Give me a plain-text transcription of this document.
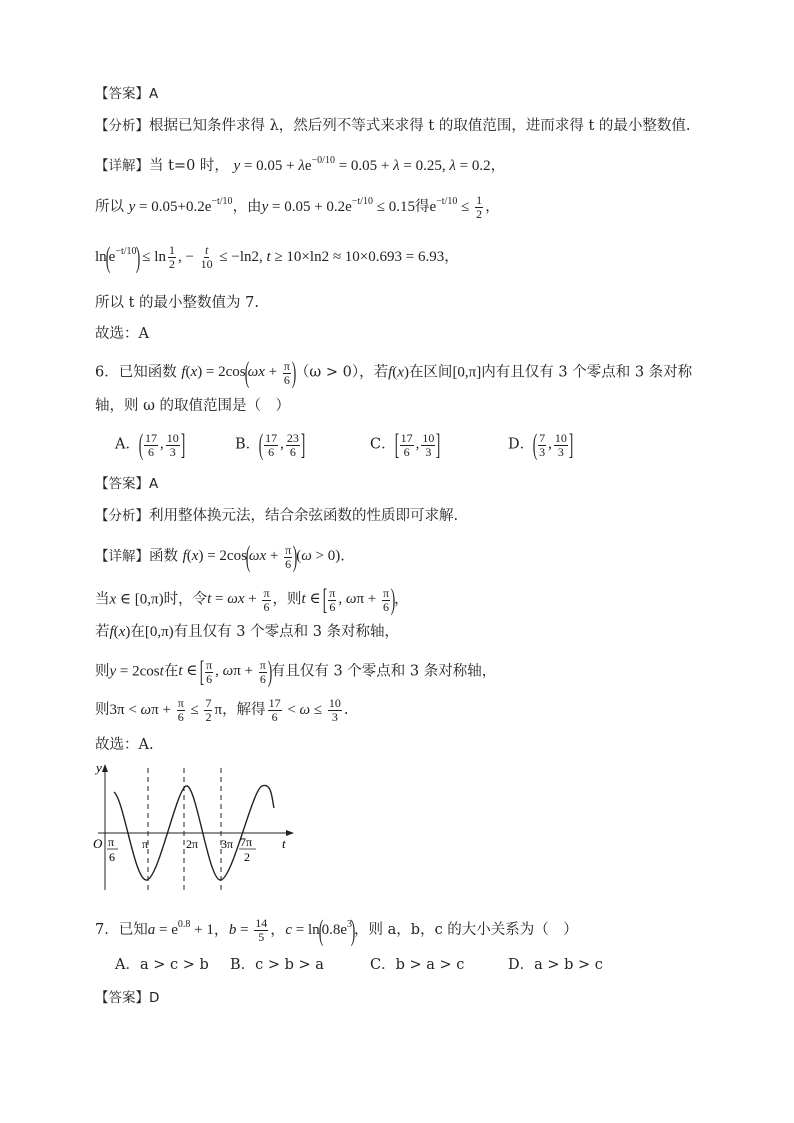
【答案】A
【分析】根据已知条件求得 λ，然后列不等式来求得 t 的取值范围，进而求得 t 的最小整数值.
【详解】当 t=0 时， $y = 0.05 + \lambda e^{-0/10} = 0.05 + \lambda = 0.25$, λ = 0.2，
所以 $y = 0.05+0.2e^{-t/10}$，由$y = 0.05 + 0.2e^{-t/10} \le 0.15$得$e^{-t/10} \le \frac{1}{2}$ ，
$\ln(e^{-t/10}) \le \ln \frac{1}{2}$ , − $\frac{t}{10} \le -\ln 2$, t ≥ 10×ln2 ≈ 10×0.693 = 6.93，
所以 t 的最小整数值为 7.
故选：A
6．已知函数 $f(x) = 2\cos(\omega x + \frac{\pi}{6} )(\omega > 0)$，若f(x)在区间[0,π]内有且仅有 3 个零点和 3 条对称
轴，则 ω 的取值范围是（　）
A．( $\frac{17}{6}$ , $\frac{10}{3}$ ]	B．( $\frac{17}{6}$ , $\frac{23}{6}$ ]	C．[ $\frac{17}{6}$ , $\frac{10}{3}$ ]	D．( $\frac{7}{3}$ , $\frac{10}{3}$ ]
【答案】A
【分析】利用整体换元法，结合余弦函数的性质即可求解.
【详解】函数 $f(x) = 2\cos(\omega x + \frac{\pi}{6} )(\omega > 0)$.
当x ∈ [0,π)时，令$t = \omega x + \frac{\pi}{6}$ ，则t ∈ [ $\frac{\pi}{6}$ , $\omega\pi + \frac{\pi}{6}$ )，
若f(x)在[0,π)有且仅有 3 个零点和 3 条对称轴，
则y = 2cost在t ∈ [ $\frac{\pi}{6}$ , $\omega\pi + \frac{\pi}{6}$ )有且仅有 3 个零点和 3 条对称轴，
则$3\pi < \omega\pi + \frac{\pi}{6} \le \frac{7}{2}$ π，解得 $\frac{17}{6} < \omega \le \frac{10}{3}$ .
故选：A.
y
t
O π
6
π	2π 3π 7π
2
7．已知$a = e^{0.8} + 1$，$b = \frac{14}{5}$ ，$c = \ln(0.8e^3)$，则 a，b，c 的大小关系为（　）
A．a > c > b B．c > b > a	C．b > a > c	D．a > b > c
【答案】D
